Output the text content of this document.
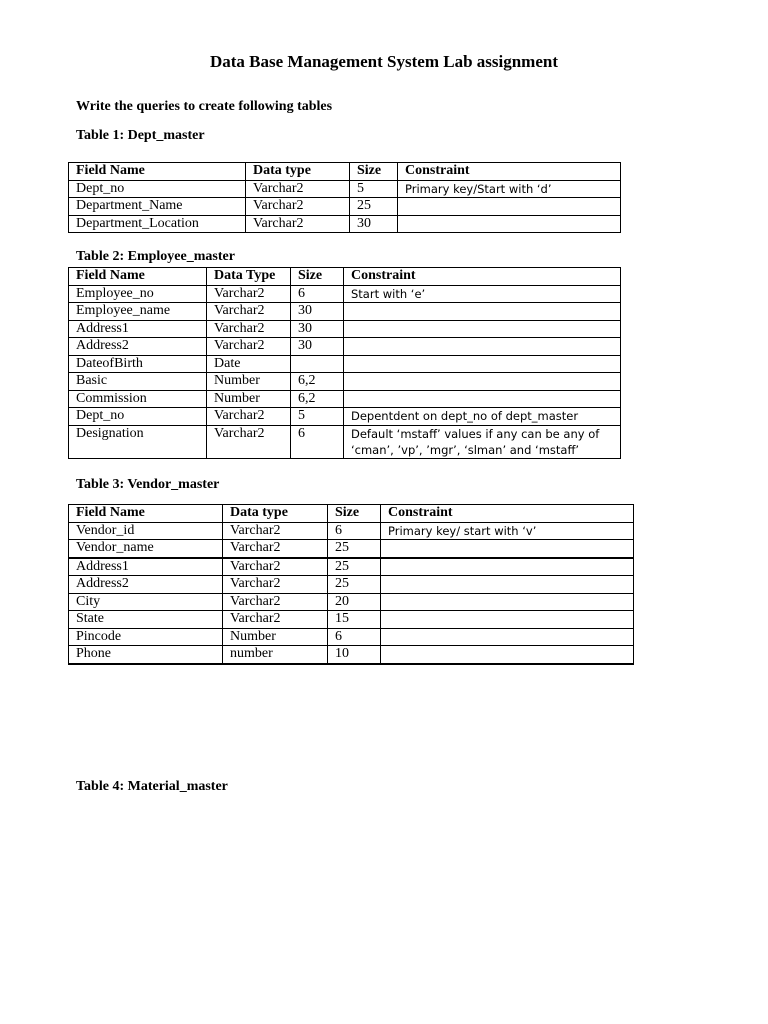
Data Base Management System Lab assignment

Write the queries to create following tables

Table 1: Dept_master

Field Name	Data type	Size	Constraint
Dept_no	Varchar2	5	Primary key/Start with ‘d’
Department_Name	Varchar2	25	
Department_Location	Varchar2	30	

Table 2: Employee_master

Field Name	Data Type	Size	Constraint
Employee_no	Varchar2	6	Start with ‘e’
Employee_name	Varchar2	30	
Address1	Varchar2	30	
Address2	Varchar2	30	
DateofBirth	Date		
Basic	Number	6,2	
Commission	Number	6,2	
Dept_no	Varchar2	5	Depentdent on dept_no of dept_master
Designation	Varchar2	6	Default ‘mstaff’ values if any can be any of ‘cman’, ’vp’, ’mgr’, ‘slman’ and ‘mstaff’

Table 3: Vendor_master

Field Name	Data type	Size	Constraint
Vendor_id	Varchar2	6	Primary key/ start with ‘v’
Vendor_name	Varchar2	25	
Address1	Varchar2	25	
Address2	Varchar2	25	
City	Varchar2	20	
State	Varchar2	15	
Pincode	Number	6	
Phone	number	10	

Table 4: Material_master
